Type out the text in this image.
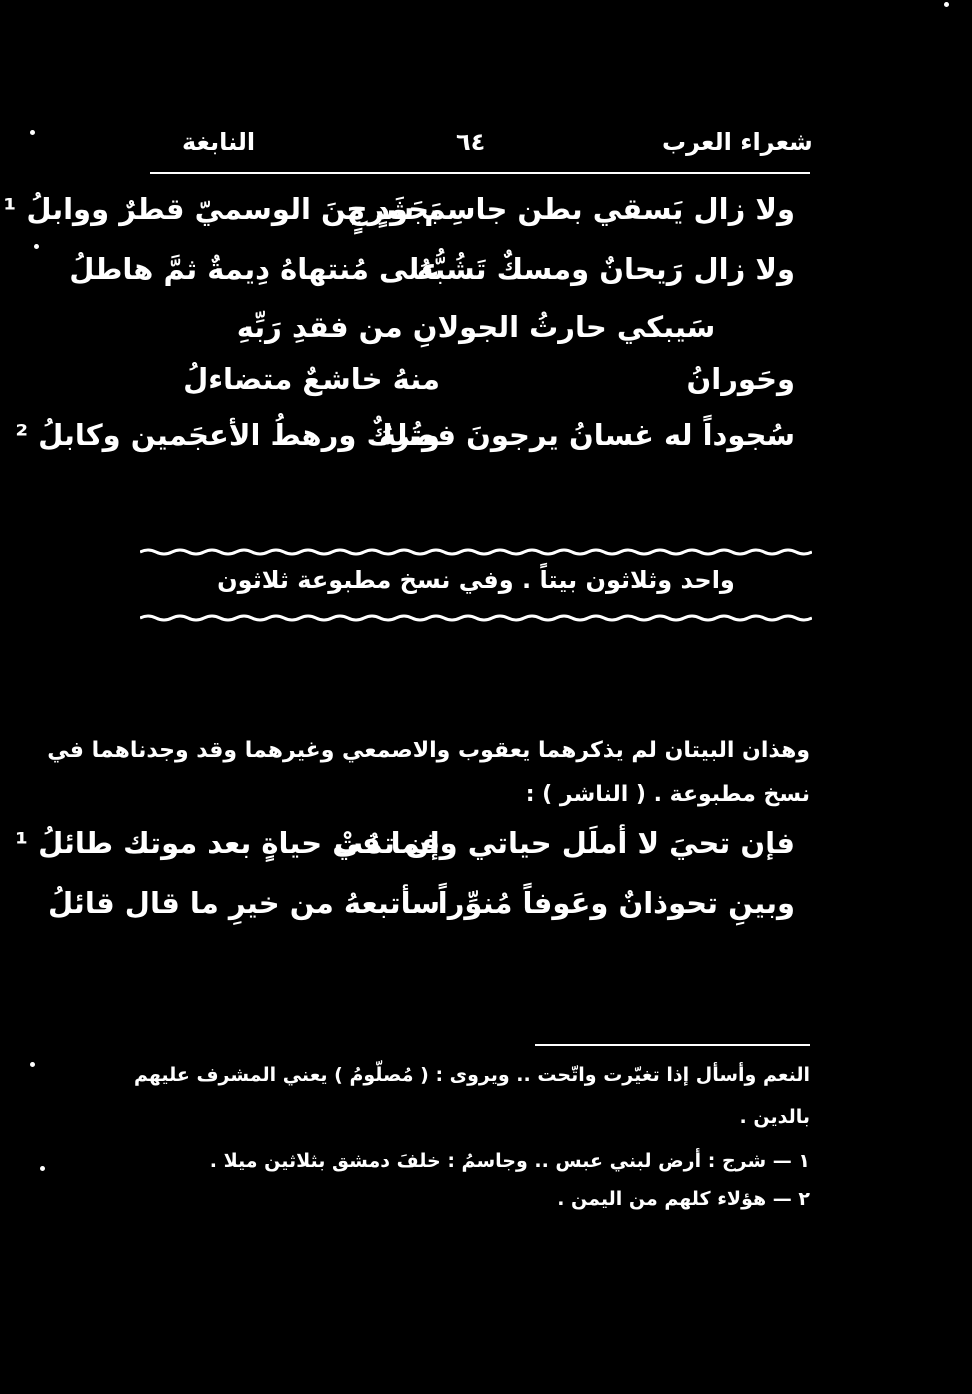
النابغة	٦٤	شعراء العرب
ولا زال يَسقي بطن جاسِمَ شَرجٍ
بجَودٍ مِنَ الوسميّ قطرٌ ووابلُ ¹
ولا زال رَيحانٌ ومسكٌ تَشُبُّهُ
على مُنتهاهُ دِيمةٌ ثمَّ هاطلُ
سَيبكي حارثُ الجولانِ من فقدِ رَبِّهِ
وحَورانُ
منهُ خاشعٌ متضاءلُ
سُجوداً له غسانُ يرجونَ فضلهُ
وتُركٌ ورهطُ الأعجَمين وكابلُ ²
واحد وثلاثون بيتاً . وفي نسخ مطبوعة ثلاثون
وهذان البيتان لم يذكرهما يعقوب والاصمعي وغيرهما وقد وجدناهما في
نسخ مطبوعة . ( الناشر ) :
فإن تحيَ لا أملَل حياتي وإن تمُتْ
فما في حياةٍ بعد موتك طائلُ ¹
وبينِ تحوذانٌ وعَوفاً مُنوِّراً
سأتبعهُ من خيرِ ما قال قائلُ
النعم وأسأل إذا تغيّرت واتّحت .. ويروى : ( مُصلّومُ ) يعني المشرف عليهم
بالدين .
١ — شرج : أرض لبني عبس .. وجاسمُ : خلفَ دمشق بثلاثين ميلا .
٢ — هؤلاء كلهم من اليمن .
